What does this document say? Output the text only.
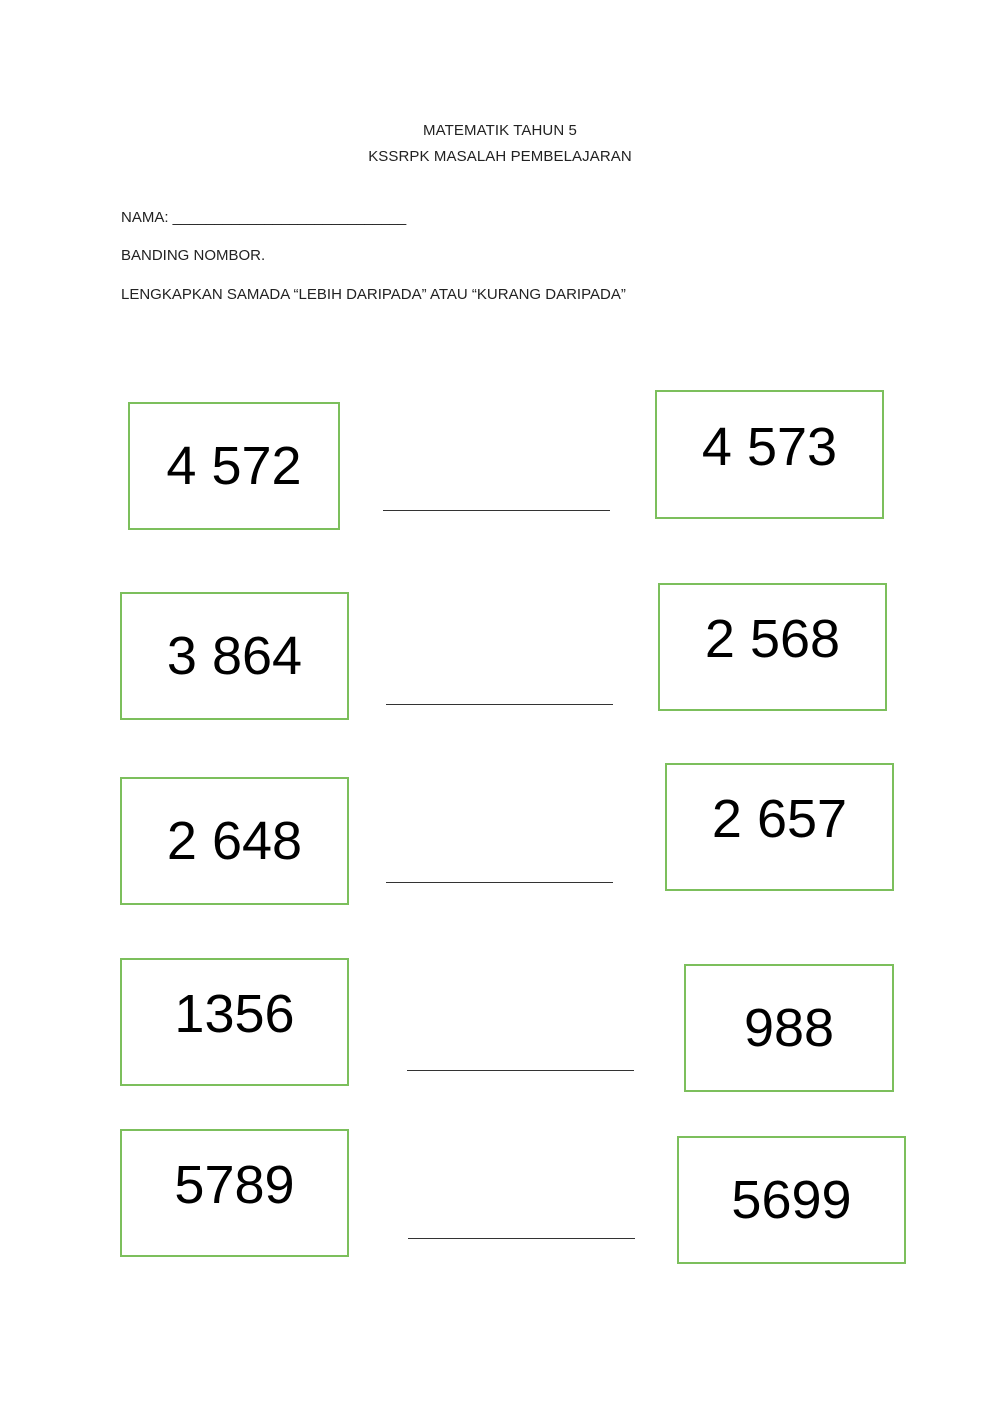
MATEMATIK TAHUN 5
KSSRPK MASALAH PEMBELAJARAN
NAMA: ____________________________
BANDING NOMBOR.
LENGKAPKAN SAMADA “LEBIH DARIPADA” ATAU “KURANG DARIPADA”
4 572	4 573
3 864	2 568
2 648	2 657
1356	988
5789	5699
